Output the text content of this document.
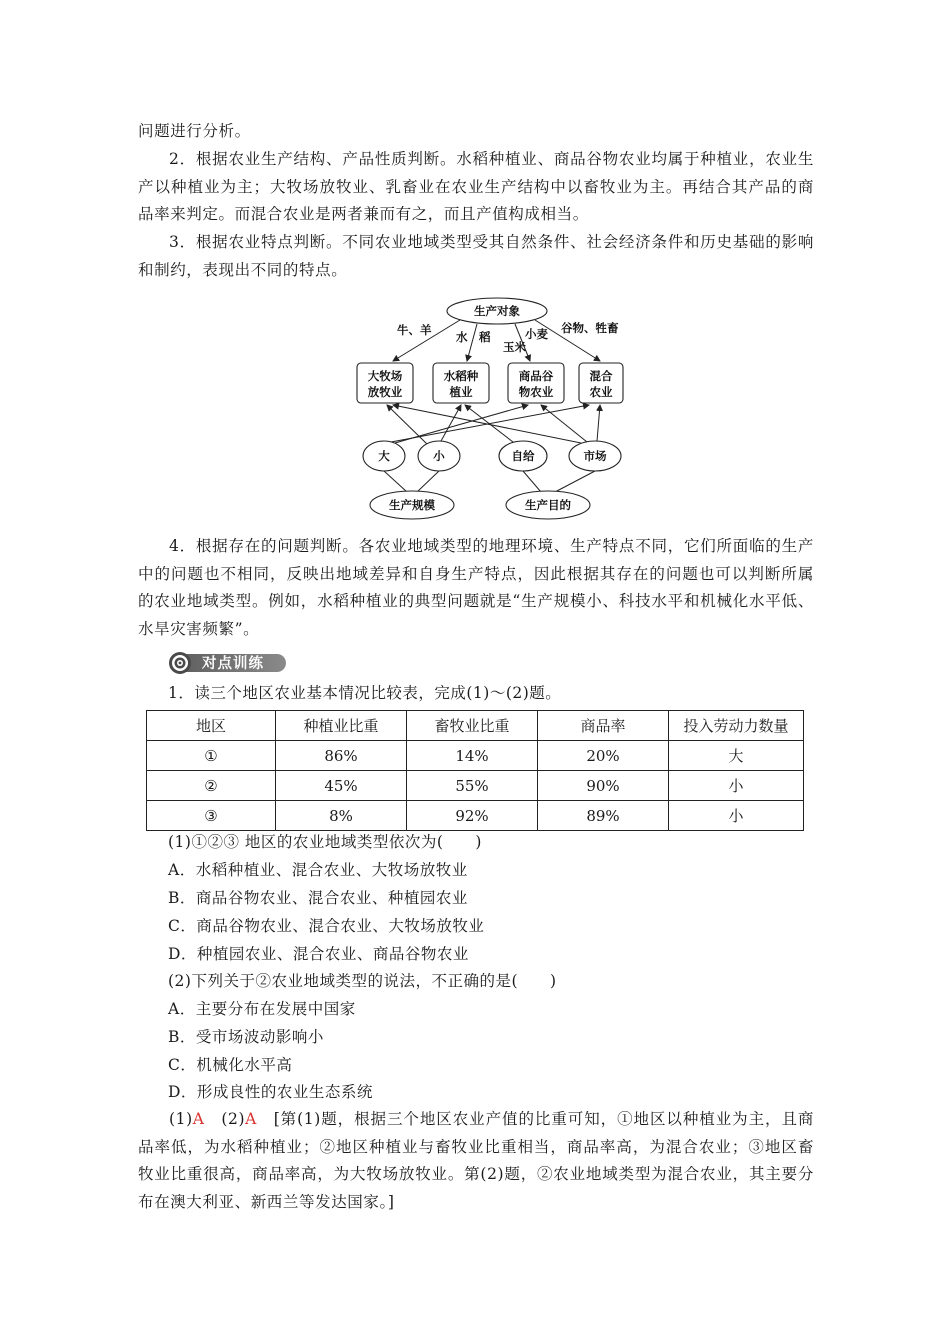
问题进行分析。
2．根据农业生产结构、产品性质判断。水稻种植业、商品谷物农业均属于种植业，农业生产以种植业为主；大牧场放牧业、乳畜业在农业生产结构中以畜牧业为主。再结合其产品的商品率来判定。而混合农业是两者兼而有之，而且产值构成相当。
3．根据农业特点判断。不同农业地域类型受其自然条件、社会经济条件和历史基础的影响和制约，表现出不同的特点。
生产对象
牛、羊 水 稻	小麦
玉米
谷物、牲畜
大牧场
放牧业
水稻种
植业
商品谷
物农业
混合
农业
大	小	自给	市场
生产规模	生产目的
4．根据存在的问题判断。各农业地域类型的地理环境、生产特点不同，它们所面临的生产中的问题也不相同，反映出地域差异和自身生产特点，因此根据其存在的问题也可以判断所属的农业地域类型。例如，水稻种植业的典型问题就是“生产规模小、科技水平和机械化水平低、水旱灾害频繁”。
对点训练
1．读三个地区农业基本情况比较表，完成(1)～(2)题。
地区	种植业比重	畜牧业比重	商品率	投入劳动力数量
①	86%	14%	20%	大
②	45%	55%	90%	小
③	8%	92%	89%	小
(1)①②③ 地区的农业地域类型依次为(　　)
A．水稻种植业、混合农业、大牧场放牧业
B．商品谷物农业、混合农业、种植园农业
C．商品谷物农业、混合农业、大牧场放牧业
D．种植园农业、混合农业、商品谷物农业
(2)下列关于②农业地域类型的说法，不正确的是(　　)
A．主要分布在发展中国家
B．受市场波动影响小
C．机械化水平高
D．形成良性的农业生态系统
(1)A　 (2)A　 [第(1)题，根据三个地区农业产值的比重可知，①地区以种植业为主，且商品率低，为水稻种植业；②地区种植业与畜牧业比重相当，商品率高，为混合农业；③地区畜牧业比重很高，商品率高，为大牧场放牧业。第(2)题，②农业地域类型为混合农业，其主要分布在澳大利亚、新西兰等发达国家。]
